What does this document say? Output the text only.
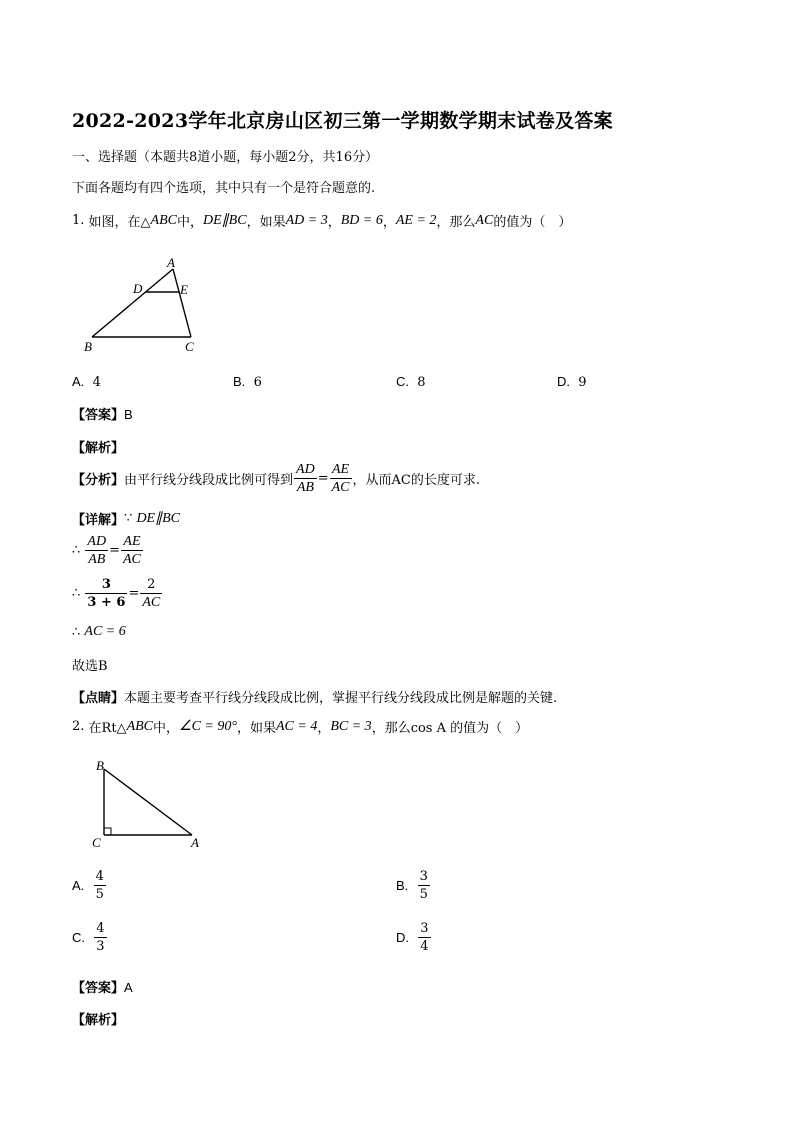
2022-2023学年北京房山区初三第一学期数学期末试卷及答案
一、选择题（本题共8道小题，每小题2分，共16分）
下面各题均有四个选项，其中只有一个是符合题意的.
1.
如图，在△ ABC 中， DE∥BC ，如果 AD = 3 ， BD = 6 ， AE = 2 ，那么 AC 的值为（　）
A
D	E
B	C
A. 4	B. 6	C. 8	D. 9
【答案】B
【解析】
【分析】 由平行线分线段成比例可得到 $\frac{AD}{AB} = \frac{AE}{AC}$ ，从而AC的长度可求.
【详解】 ∵
DE∥BC
∴
$\frac{AD}{AB} = \frac{AE}{AC}$
∴
$\frac{3}{3 + 6} = \frac{2}{AC}$
∴
AC = 6
故选B
【点睛】本题主要考查平行线分线段成比例，掌握平行线分线段成比例是解题的关键.
2.
在Rt△ ABC 中， ∠C = 90° ，如果 AC = 4 ， BC = 3 ，那么cos A 的值为（　）
B
C	A
A.
$\frac{4}{5}$	B.
$\frac{3}{5}$
C.
$\frac{4}{3}$	D.
$\frac{3}{4}$
【答案】A
【解析】
